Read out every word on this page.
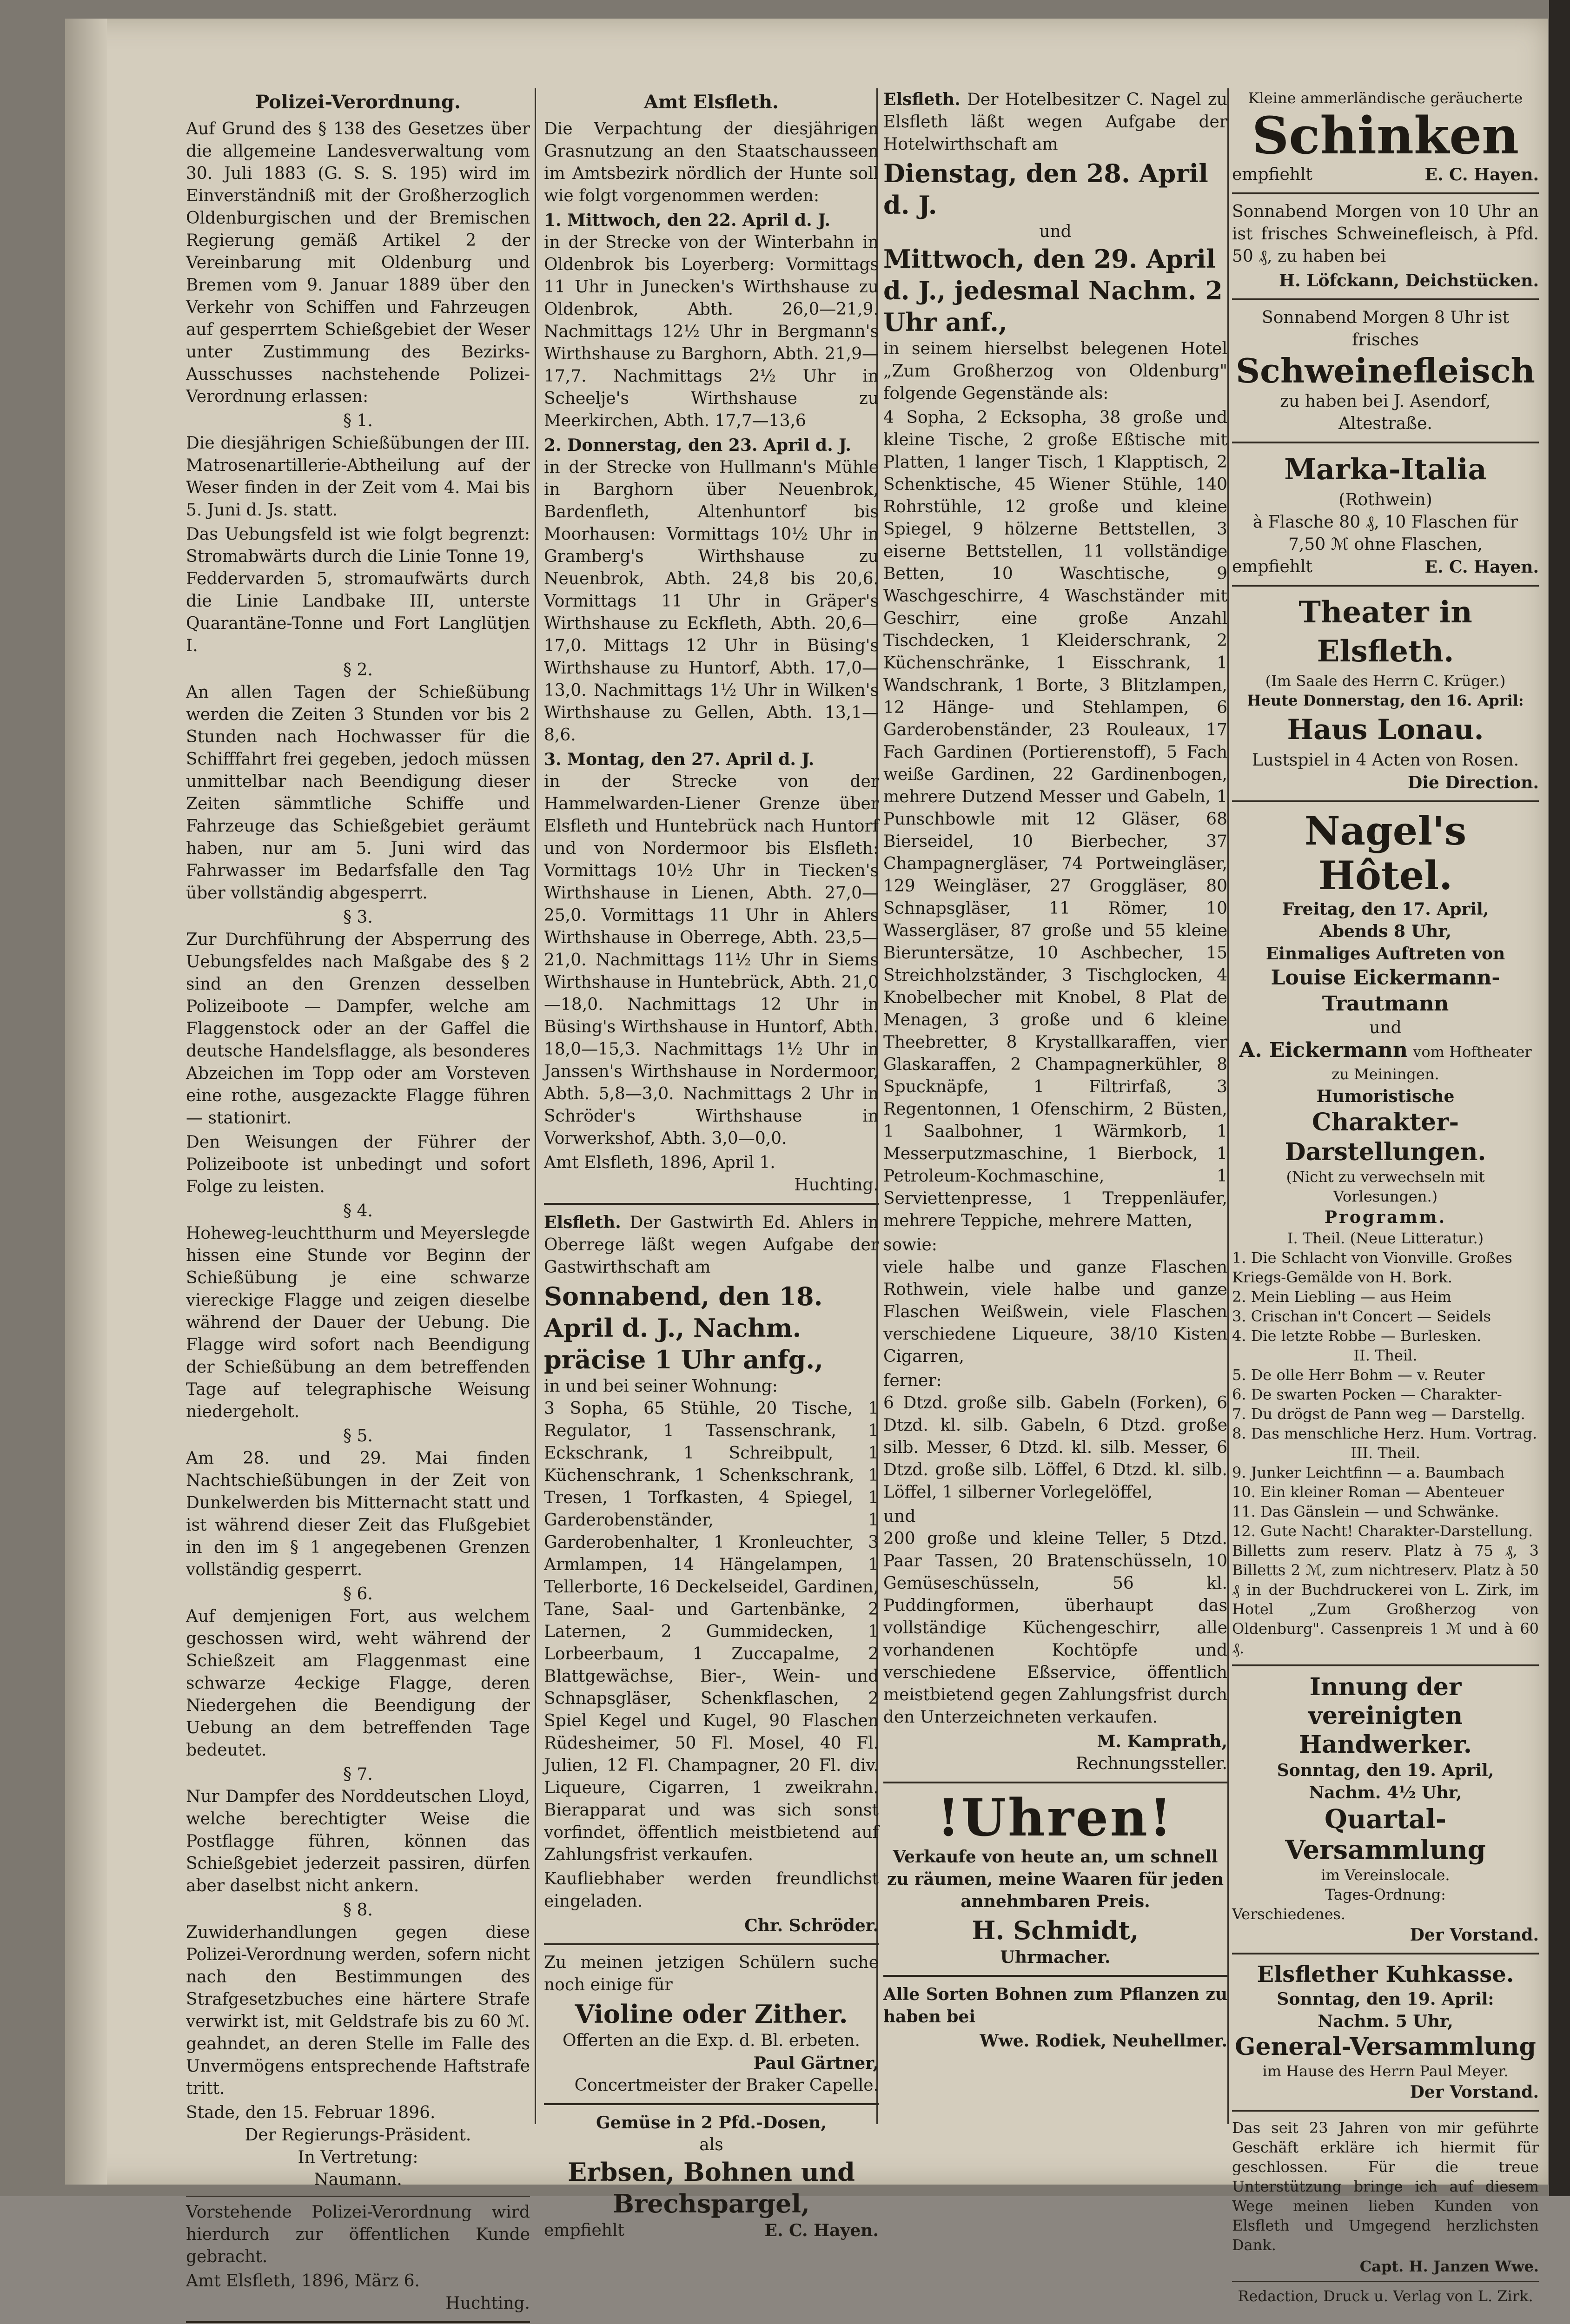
Polizei-Verordnung.

Auf Grund des § 138 des Gesetzes über die allgemeine Landesverwaltung vom 30. Juli 1883 (G. S. S. 195) wird im Einverständniß mit der Großherzoglich Oldenburgischen und der Bremischen Regierung gemäß Artikel 2 der Vereinbarung mit Oldenburg und Bremen vom 9. Januar 1889 über den Verkehr von Schiffen und Fahrzeugen auf gesperrtem Schießgebiet der Weser unter Zustimmung des Bezirks-Ausschusses nachstehende Polizei-Verordnung erlassen:

§ 1.

Die diesjährigen Schießübungen der III. Matrosenartillerie-Abtheilung auf der Weser finden in der Zeit vom 4. Mai bis 5. Juni d. Js. statt.

Das Uebungsfeld ist wie folgt begrenzt: Stromabwärts durch die Linie Tonne 19, Feddervarden 5, stromaufwärts durch die Linie Landbake III, unterste Quarantäne-Tonne und Fort Langlütjen I.

§ 2.

An allen Tagen der Schießübung werden die Zeiten 3 Stunden vor bis 2 Stunden nach Hochwasser für die Schifffahrt frei gegeben, jedoch müssen unmittelbar nach Beendigung dieser Zeiten sämmtliche Schiffe und Fahrzeuge das Schießgebiet geräumt haben, nur am 5. Juni wird das Fahrwasser im Bedarfsfalle den Tag über vollständig abgesperrt.

§ 3.

Zur Durchführung der Absperrung des Uebungsfeldes nach Maßgabe des § 2 sind an den Grenzen desselben Polizeiboote — Dampfer, welche am Flaggenstock oder an der Gaffel die deutsche Handelsflagge, als besonderes Abzeichen im Topp oder am Vorsteven eine rothe, ausgezackte Flagge führen — stationirt.

Den Weisungen der Führer der Polizeiboote ist unbedingt und sofort Folge zu leisten.

§ 4.

Hoheweg-leuchtthurm und Meyerslegde hissen eine Stunde vor Beginn der Schießübung je eine schwarze viereckige Flagge und zeigen dieselbe während der Dauer der Uebung. Die Flagge wird sofort nach Beendigung der Schießübung an dem betreffenden Tage auf telegraphische Weisung niedergeholt.

§ 5.

Am 28. und 29. Mai finden Nachtschießübungen in der Zeit von Dunkelwerden bis Mitternacht statt und ist während dieser Zeit das Flußgebiet in den im § 1 angegebenen Grenzen vollständig gesperrt.

§ 6.

Auf demjenigen Fort, aus welchem geschossen wird, weht während der Schießzeit am Flaggenmast eine schwarze 4eckige Flagge, deren Niedergehen die Beendigung der Uebung an dem betreffenden Tage bedeutet.

§ 7.

Nur Dampfer des Norddeutschen Lloyd, welche berechtigter Weise die Postflagge führen, können das Schießgebiet jederzeit passiren, dürfen aber daselbst nicht ankern.

§ 8.

Zuwiderhandlungen gegen diese Polizei-Verordnung werden, sofern nicht nach den Bestimmungen des Strafgesetzbuches eine härtere Strafe verwirkt ist, mit Geldstrafe bis zu 60 ℳ. geahndet, an deren Stelle im Falle des Unvermögens entsprechende Haftstrafe tritt.

Stade, den 15. Februar 1896.
Der Regierungs-Präsident.
In Vertretung:
Naumann.

Vorstehende Polizei-Verordnung wird hierdurch zur öffentlichen Kunde gebracht.

Amt Elsfleth, 1896, März 6.
Huchting.

Amt Elsfleth.

Die Verpachtung der diesjährigen Grasnutzung an den Staatschausseen im Amtsbezirk nördlich der Hunte soll wie folgt vorgenommen werden:

1. Mittwoch, den 22. April d. J.

in der Strecke von der Winterbahn in Oldenbrok bis Loyerberg: Vormittags 11 Uhr in Junecken's Wirthshause zu Oldenbrok, Abth. 26,0—21,9. Nachmittags 12½ Uhr in Bergmann's Wirthshause zu Barghorn, Abth. 21,9—17,7. Nachmittags 2½ Uhr in Scheelje's Wirthshause zu Meerkirchen, Abth. 17,7—13,6

2. Donnerstag, den 23. April d. J.

in der Strecke von Hullmann's Mühle in Barghorn über Neuenbrok, Bardenfleth, Altenhuntorf bis Moorhausen: Vormittags 10½ Uhr in Gramberg's Wirthshause zu Neuenbrok, Abth. 24,8 bis 20,6. Vormittags 11 Uhr in Gräper's Wirthshause zu Eckfleth, Abth. 20,6—17,0. Mittags 12 Uhr in Büsing's Wirthshause zu Huntorf, Abth. 17,0—13,0. Nachmittags 1½ Uhr in Wilken's Wirthshause zu Gellen, Abth. 13,1—8,6.

3. Montag, den 27. April d. J.

in der Strecke von der Hammelwarden-Liener Grenze über Elsfleth und Huntebrück nach Huntorf und von Nordermoor bis Elsfleth: Vormittags 10½ Uhr in Tiecken's Wirthshause in Lienen, Abth. 27,0—25,0. Vormittags 11 Uhr in Ahlers Wirthshause in Oberrege, Abth. 23,5—21,0. Nachmittags 11½ Uhr in Siems Wirthshause in Huntebrück, Abth. 21,0—18,0. Nachmittags 12 Uhr in Büsing's Wirthshause in Huntorf, Abth. 18,0—15,3. Nachmittags 1½ Uhr in Janssen's Wirthshause in Nordermoor, Abth. 5,8—3,0. Nachmittags 2 Uhr in Schröder's Wirthshause in Vorwerkshof, Abth. 3,0—0,0.

Amt Elsfleth, 1896, April 1.
Huchting.

Elsfleth. Der Gastwirth Ed. Ahlers in Oberrege läßt wegen Aufgabe der Gastwirthschaft am

Sonnabend, den 18. April d. J., Nachm. präcise 1 Uhr anfg.,
in und bei seiner Wohnung:

3 Sopha, 65 Stühle, 20 Tische, 1 Regulator, 1 Tassenschrank, 1 Eckschrank, 1 Schreibpult, 1 Küchenschrank, 1 Schenkschrank, 1 Tresen, 1 Torfkasten, 4 Spiegel, 1 Garderobenständer, 1 Garderobenhalter, 1 Kronleuchter, 3 Armlampen, 14 Hängelampen, 1 Tellerborte, 16 Deckelseidel, Gardinen, Tane, Saal- und Gartenbänke, 2 Laternen, 2 Gummidecken, 1 Lorbeerbaum, 1 Zuccapalme, 2 Blattgewächse, Bier-, Wein- und Schnapsgläser, Schenkflaschen, 2 Spiel Kegel und Kugel, 90 Flaschen Rüdesheimer, 50 Fl. Mosel, 40 Fl. Julien, 12 Fl. Champagner, 20 Fl. div. Liqueure, Cigarren, 1 zweikrahn. Bierapparat und was sich sonst vorfindet, öffentlich meistbietend auf Zahlungsfrist verkaufen.

Kaufliebhaber werden freundlichst eingeladen.

Chr. Schröder.

Zu meinen jetzigen Schülern suche noch einige für

Violine oder Zither.
Offerten an die Exp. d. Bl. erbeten.
Paul Gärtner,
Concertmeister der Braker Capelle.
Gemüse in 2 Pfd.-Dosen,
als
Erbsen, Bohnen und Brechspargel,
empfiehlt	E. C. Hayen.

Elsfleth. Der Hotelbesitzer C. Nagel zu Elsfleth läßt wegen Aufgabe der Hotelwirthschaft am

Dienstag, den 28. April d. J.
und
Mittwoch, den 29. April d. J., jedesmal Nachm. 2 Uhr anf.,

in seinem hierselbst belegenen Hotel „Zum Großherzog von Oldenburg" folgende Gegenstände als:

4 Sopha, 2 Ecksopha, 38 große und kleine Tische, 2 große Eßtische mit Platten, 1 langer Tisch, 1 Klapptisch, 2 Schenktische, 45 Wiener Stühle, 140 Rohrstühle, 12 große und kleine Spiegel, 9 hölzerne Bettstellen, 3 eiserne Bettstellen, 11 vollständige Betten, 10 Waschtische, 9 Waschgeschirre, 4 Waschständer mit Geschirr, eine große Anzahl Tischdecken, 1 Kleiderschrank, 2 Küchenschränke, 1 Eisschrank, 1 Wandschrank, 1 Borte, 3 Blitzlampen, 12 Hänge- und Stehlampen, 6 Garderobenständer, 23 Rouleaux, 17 Fach Gardinen (Portierenstoff), 5 Fach weiße Gardinen, 22 Gardinenbogen, mehrere Dutzend Messer und Gabeln, 1 Punschbowle mit 12 Gläser, 68 Bierseidel, 10 Bierbecher, 37 Champagnergläser, 74 Portweingläser, 129 Weingläser, 27 Groggläser, 80 Schnapsgläser, 11 Römer, 10 Wassergläser, 87 große und 55 kleine Bieruntersätze, 10 Aschbecher, 15 Streichholzständer, 3 Tischglocken, 4 Knobelbecher mit Knobel, 8 Plat de Menagen, 3 große und 6 kleine Theebretter, 8 Krystallkaraffen, vier Glaskaraffen, 2 Champagnerkühler, 8 Spucknäpfe, 1 Filtrirfaß, 3 Regentonnen, 1 Ofenschirm, 2 Büsten, 1 Saalbohner, 1 Wärmkorb, 1 Messerputzmaschine, 1 Bierbock, 1 Petroleum-Kochmaschine, 1 Serviettenpresse, 1 Treppenläufer, mehrere Teppiche, mehrere Matten,

sowie:

viele halbe und ganze Flaschen Rothwein, viele halbe und ganze Flaschen Weißwein, viele Flaschen verschiedene Liqueure, 38/10 Kisten Cigarren,

ferner:

6 Dtzd. große silb. Gabeln (Forken), 6 Dtzd. kl. silb. Gabeln, 6 Dtzd. große silb. Messer, 6 Dtzd. kl. silb. Messer, 6 Dtzd. große silb. Löffel, 6 Dtzd. kl. silb. Löffel, 1 silberner Vorlegelöffel,

und

200 große und kleine Teller, 5 Dtzd. Paar Tassen, 20 Bratenschüsseln, 10 Gemüseschüsseln, 56 kl. Puddingformen, überhaupt das vollständige Küchengeschirr, alle vorhandenen Kochtöpfe und verschiedene Eßservice, öffentlich meistbietend gegen Zahlungsfrist durch den Unterzeichneten verkaufen.

M. Kamprath,
Rechnungssteller.
!Uhren!

Verkaufe von heute an, um schnell zu räumen, meine Waaren für jeden annehmbaren Preis.

H. Schmidt,
Uhrmacher.

Alle Sorten Bohnen zum Pflanzen zu haben bei

Wwe. Rodiek, Neuhellmer.
Kleine ammerländische geräucherte
Schinken
empfiehlt	E. C. Hayen.

Sonnabend Morgen von 10 Uhr an ist frisches Schweinefleisch, à Pfd. 50 ₰, zu haben bei

H. Löfckann, Deichstücken.
Sonnabend Morgen 8 Uhr ist frisches
Schweinefleisch
zu haben bei J. Asendorf, Altestraße.
Marka-Italia
(Rothwein)
à Flasche 80 ₰, 10 Flaschen für 7,50 ℳ ohne Flaschen,
empfiehlt	E. C. Hayen.
Theater in Elsfleth.
(Im Saale des Herrn C. Krüger.)
Heute Donnerstag, den 16. April:
Haus Lonau.
Lustspiel in 4 Acten von Rosen.
Die Direction.
Nagel's Hôtel.
Freitag, den 17. April,
Abends 8 Uhr,
Einmaliges Auftreten von
Louise Eickermann-Trautmann
und
A. Eickermann vom Hoftheater zu Meiningen.
Humoristische
Charakter-Darstellungen.
(Nicht zu verwechseln mit Vorlesungen.)
Programm.
I. Theil. (Neue Litteratur.)
1. Die Schlacht von Vionville. Großes Kriegs-Gemälde von H. Bork.
2. Mein Liebling — aus Heim
3. Crischan in't Concert — Seidels
4. Die letzte Robbe — Burlesken.
II. Theil.
5. De olle Herr Bohm — v. Reuter
6. De swarten Pocken — Charakter-
7. Du drögst de Pann weg — Darstellg.
8. Das menschliche Herz. Hum. Vortrag.
III. Theil.
9. Junker Leichtfinn — a. Baumbach
10. Ein kleiner Roman — Abenteuer
11. Das Gänslein — und Schwänke.
12. Gute Nacht! Charakter-Darstellung.

Billetts zum reserv. Platz à 75 ₰, 3 Billetts 2 ℳ, zum nichtreserv. Platz à 50 ₰ in der Buchdruckerei von L. Zirk, im Hotel „Zum Großherzog von Oldenburg". Cassenpreis 1 ℳ und à 60 ₰.

Innung der vereinigten Handwerker.
Sonntag, den 19. April,
Nachm. 4½ Uhr,
Quartal-Versammlung
im Vereinslocale.
Tages-Ordnung:
Verschiedenes.
Der Vorstand.
Elsflether Kuhkasse.
Sonntag, den 19. April:
Nachm. 5 Uhr,
General-Versammlung
im Hause des Herrn Paul Meyer.
Der Vorstand.

Das seit 23 Jahren von mir geführte Geschäft erkläre ich hiermit für geschlossen. Für die treue Unterstützung bringe ich auf diesem Wege meinen lieben Kunden von Elsfleth und Umgegend herzlichsten Dank.

Capt. H. Janzen Wwe.
Redaction, Druck u. Verlag von L. Zirk.
